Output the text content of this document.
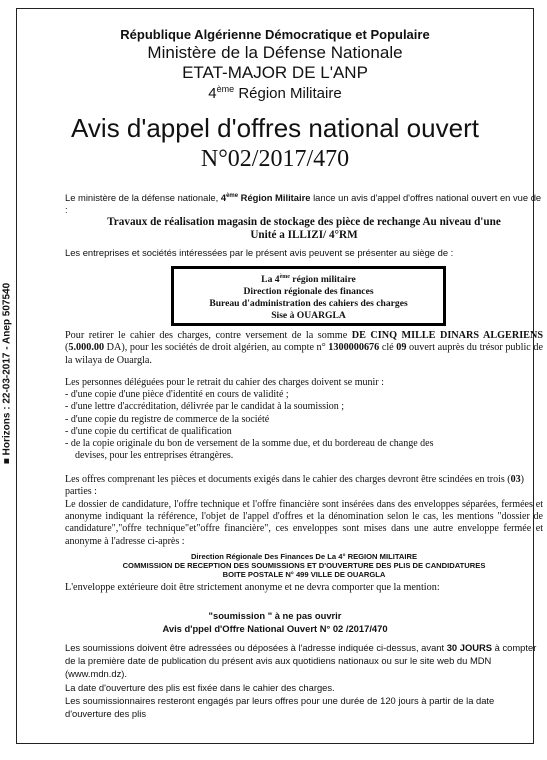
République Algérienne Démocratique et Populaire
Ministère de la Défense Nationale
ETAT-MAJOR DE L'ANP
4ème Région Militaire
Avis d'appel d'offres national ouvert
N°02/2017/470
Le ministère de la défense nationale, 4ème Région Militaire lance un avis d'appel d'offres national ouvert en vue de :
Travaux de réalisation magasin de stockage des pièce de rechange Au niveau d'une
Unité a ILLIZI/ 4°RM
Les entreprises et sociétés intéressées par le présent avis peuvent se présenter au siège de :
La 4ème région militaire
Direction régionale des finances
Bureau d'administration des cahiers des charges
Sise à OUARGLA
Pour retirer le cahier des charges, contre versement de la somme DE CINQ MILLE DINARS ALGERIENS (5.000.00 DA), pour les sociétés de droit algérien, au compte n° 1300000676 clé 09 ouvert auprès du trésor public de la wilaya de Ouargla.
Les personnes déléguées pour le retrait du cahier des charges doivent se munir :
- d'une copie d'une pièce d'identité en cours de validité ;
- d'une lettre d'accréditation, délivrée par le candidat à la soumission ;
- d'une copie du registre de commerce de la société
- d'une copie du certificat de qualification
- de la copie originale du bon de versement de la somme due, et du bordereau de change des
devises, pour les entreprises étrangères.
Les offres comprenant les pièces et documents exigés dans le cahier des charges devront être scindées en trois (03) parties :
Le dossier de candidature, l'offre technique et l'offre financière sont insérées dans des enveloppes séparées, fermées et anonyme indiquant la référence, l'objet de l'appel d'offres et la dénomination selon le cas, les mentions "dossier de candidature","offre technique"et"offre financière", ces enveloppes sont mises dans une autre enveloppe fermée et anonyme à l'adresse ci-après :
Direction Régionale Des Finances De La 4° REGION MILITAIRE
COMMISSION DE RECEPTION DES SOUMISSIONS ET D'OUVERTURE DES PLIS DE CANDIDATURES
BOITE POSTALE N° 499 VILLE DE OUARGLA
L'enveloppe extérieure doit être strictement anonyme et ne devra comporter que la mention:
"soumission " à ne pas ouvrir
Avis d'ppel d'Offre National Ouvert N° 02 /2017/470
Les soumissions doivent être adressées ou déposées à l'adresse indiquée ci-dessus, avant 30 JOURS à compter de la première date de publication du présent avis aux quotidiens nationaux ou sur le site web du MDN (www.mdn.dz).
La date d'ouverture des plis est fixée dans le cahier des charges.
Les soumissionnaires resteront engagés par leurs offres pour une durée de 120 jours à partir de la date d'ouverture des plis
■ Horizons : 22-03-2017 - Anep 507540
